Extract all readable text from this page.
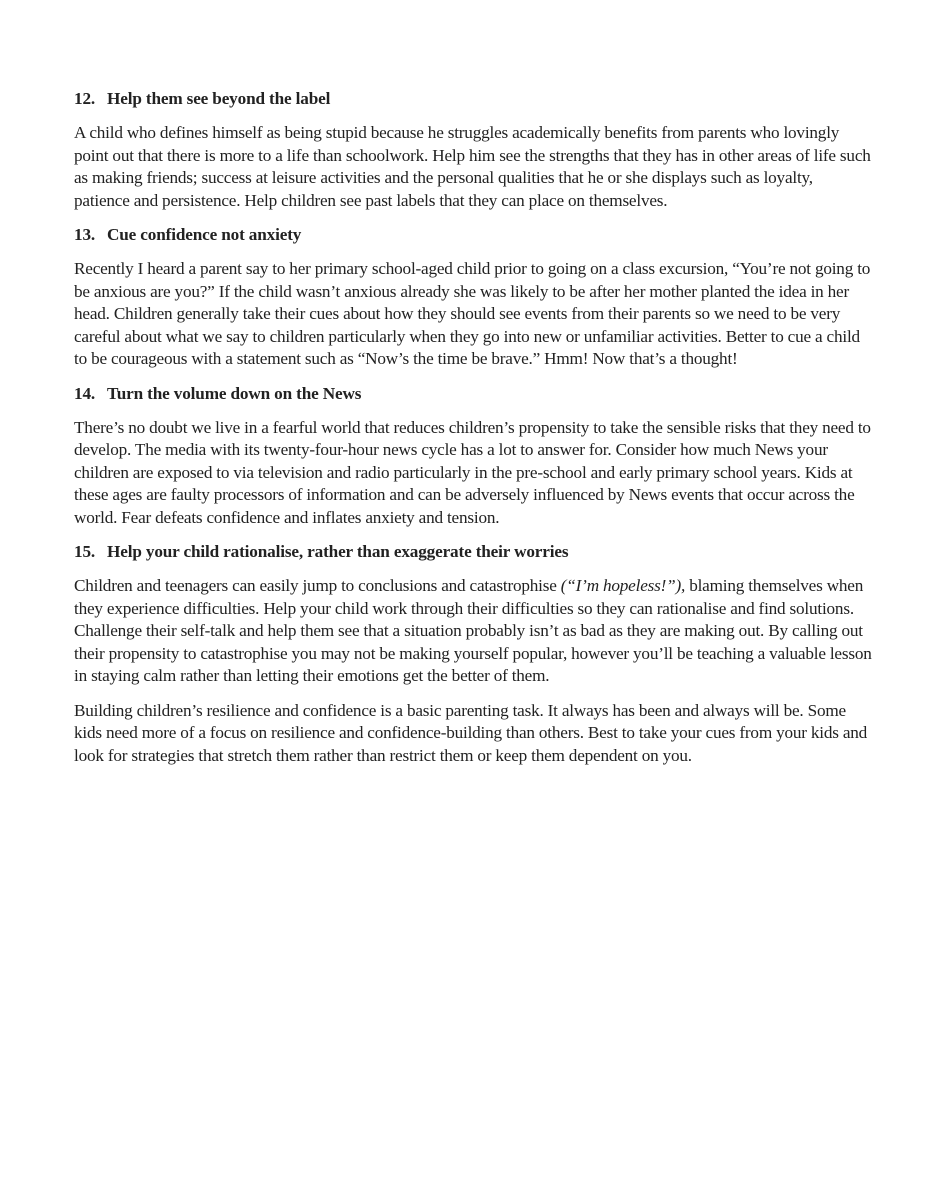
12. Help them see beyond the label

A child who defines himself as being stupid because he struggles academically benefits from parents who lovingly point out that there is more to a life than schoolwork. Help him see the strengths that they has in other areas of life such as making friends; success at leisure activities and the personal qualities that he or she displays such as loyalty, patience and persistence. Help children see past labels that they can place on themselves.

13. Cue confidence not anxiety

Recently I heard a parent say to her primary school-aged child prior to going on a class excursion, “You’re not going to be anxious are you?” If the child wasn’t anxious already she was likely to be after her mother planted the idea in her head. Children generally take their cues about how they should see events from their parents so we need to be very careful about what we say to children particularly when they go into new or unfamiliar activities. Better to cue a child to be courageous with a statement such as “Now’s the time be brave.” Hmm! Now that’s a thought!

14. Turn the volume down on the News

There’s no doubt we live in a fearful world that reduces children’s propensity to take the sensible risks that they need to develop. The media with its twenty-four-hour news cycle has a lot to answer for. Consider how much News your children are exposed to via television and radio particularly in the pre-school and early primary school years. Kids at these ages are faulty processors of information and can be adversely influenced by News events that occur across the world. Fear defeats confidence and inflates anxiety and tension.

15. Help your child rationalise, rather than exaggerate their worries

Children and teenagers can easily jump to conclusions and catastrophise (“I’m hopeless!”), blaming themselves when they experience difficulties. Help your child work through their difficulties so they can rationalise and find solutions. Challenge their self-talk and help them see that a situation probably isn’t as bad as they are making out. By calling out their propensity to catastrophise you may not be making yourself popular, however you’ll be teaching a valuable lesson in staying calm rather than letting their emotions get the better of them.

Building children’s resilience and confidence is a basic parenting task. It always has been and always will be. Some kids need more of a focus on resilience and confidence-building than others. Best to take your cues from your kids and look for strategies that stretch them rather than restrict them or keep them dependent on you.
